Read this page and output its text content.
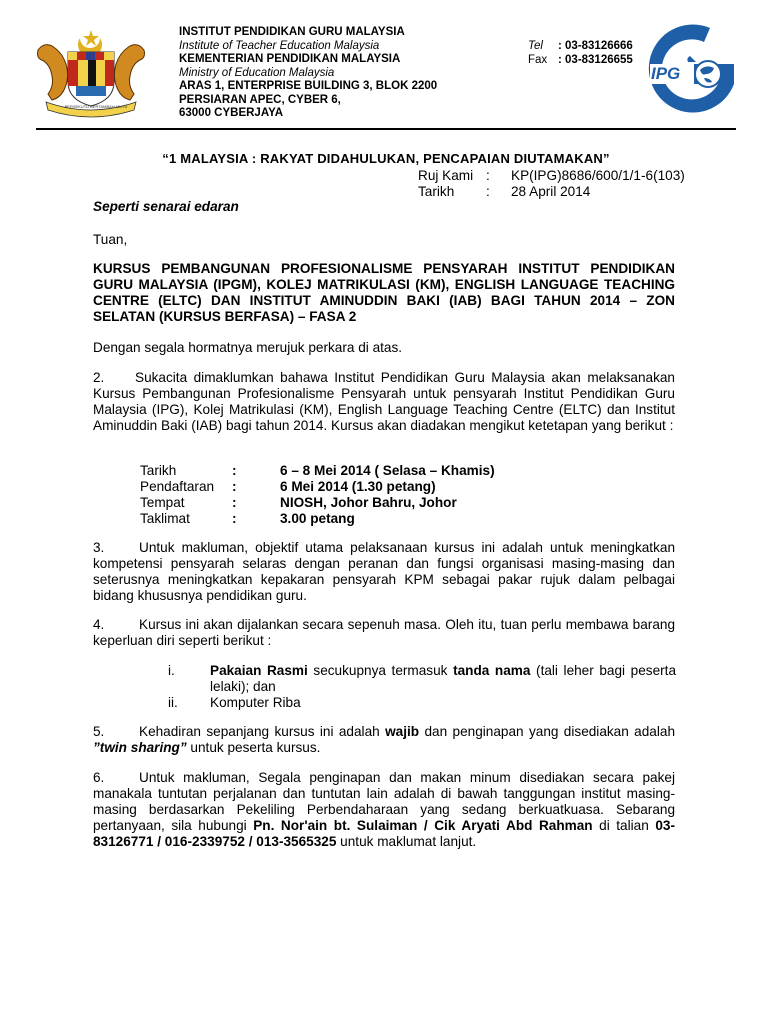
BERSEKUTU BERTAMBAH MUTU
INSTITUT PENDIDIKAN GURU MALAYSIA
Institute of Teacher Education Malaysia
KEMENTERIAN PENDIDIKAN MALAYSIA
Ministry of Education Malaysia
ARAS 1, ENTERPRISE BUILDING 3, BLOK 2200
PERSIARAN APEC, CYBER 6,
63000 CYBERJAYA
Tel	: 03-83126666
Fax : 03-83126655
IPG
“1 MALAYSIA : RAKYAT DIDAHULUKAN, PENCAPAIAN DIUTAMAKAN”
Ruj Kami :	KP(IPG)8686/600/1/1-6(103)
Tarikh	:	28 April 2014
Seperti senarai edaran
Tuan,
KURSUS PEMBANGUNAN PROFESIONALISME PENSYARAH INSTITUT PENDIDIKAN GURU MALAYSIA (IPGM), KOLEJ MATRIKULASI (KM), ENGLISH LANGUAGE TEACHING CENTRE (ELTC) DAN INSTITUT AMINUDDIN BAKI (IAB) BAGI TAHUN 2014 – ZON SELATAN (KURSUS BERFASA) – FASA 2
Dengan segala hormatnya merujuk perkara di atas.
2. Sukacita dimaklumkan bahawa Institut Pendidikan Guru Malaysia akan melaksanakan Kursus Pembangunan Profesionalisme Pensyarah untuk pensyarah Institut Pendidikan Guru Malaysia (IPG), Kolej Matrikulasi (KM), English Language Teaching Centre (ELTC) dan Institut Aminuddin Baki (IAB) bagi tahun 2014. Kursus akan diadakan mengikut ketetapan yang berikut :
Tarikh	:	6 – 8 Mei 2014 ( Selasa – Khamis)
Pendaftaran	:	6 Mei 2014 (1.30 petang)
Tempat	:	NIOSH, Johor Bahru, Johor
Taklimat	:	3.00 petang
3.	Untuk makluman, objektif utama pelaksanaan kursus ini adalah untuk meningkatkan kompetensi pensyarah selaras dengan peranan dan fungsi organisasi masing-masing dan seterusnya meningkatkan kepakaran pensyarah KPM sebagai pakar rujuk dalam pelbagai bidang khususnya pendidikan guru.
4.	Kursus ini akan dijalankan secara sepenuh masa. Oleh itu, tuan perlu membawa barang keperluan diri seperti berikut :
i.	Pakaian Rasmi secukupnya termasuk tanda nama (tali leher bagi peserta lelaki); dan
ii.	Komputer Riba
5.	Kehadiran sepanjang kursus ini adalah wajib dan penginapan yang disediakan adalah ”twin sharing” untuk peserta kursus.
6.	Untuk makluman, Segala penginapan dan makan minum disediakan secara pakej manakala tuntutan perjalanan dan tuntutan lain adalah di bawah tanggungan institut masing-masing berdasarkan Pekeliling Perbendaharaan yang sedang berkuatkuasa. Sebarang pertanyaan, sila hubungi Pn. Nor'ain bt. Sulaiman / Cik Aryati Abd Rahman di talian 03-83126771 / 016-2339752 / 013-3565325 untuk maklumat lanjut.
